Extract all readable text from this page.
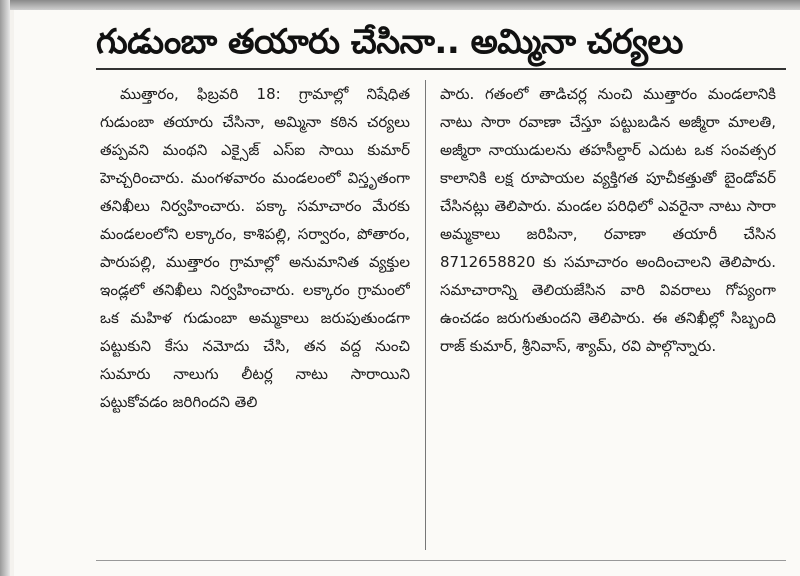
గుడుంబా తయారు చేసినా.. అమ్మినా చర్యలు

ముత్తారం, ఫిబ్రవరి 18: గ్రామాల్లో నిషేధిత గుడుంబా తయారు చేసినా, అమ్మినా కఠిన చర్యలు తప్పవని మంథని ఎక్సైజ్ ఎస్ఐ సాయి కుమార్ హెచ్చరించారు. మంగళవారం మండలంలో విస్తృతంగా తనిఖీలు నిర్వహించారు. పక్కా సమాచారం మేరకు మండలంలోని లక్కారం, కాశిపల్లి, సర్వారం, పోతారం, పారుపల్లి, ముత్తారం గ్రామాల్లో అనుమానిత వ్యక్తుల ఇండ్లలో తనిఖీలు నిర్వహించారు. లక్కారం గ్రామంలో ఒక మహిళ గుడుంబా అమ్మకాలు జరుపుతుండగా పట్టుకుని కేసు నమోదు చేసి, తన వద్ద నుంచి సుమారు నాలుగు లీటర్ల నాటు సారాయిని పట్టుకోవడం జరిగిందని తెలి

పారు. గతంలో తాడిచర్ల నుంచి ముత్తారం మండలానికి నాటు సారా రవాణా చేస్తూ పట్టుబడిన అజ్మీరా మాలతి, అజ్మీరా నాయుడులను తహసీల్దార్ ఎదుట ఒక సంవత్సర కాలానికి లక్ష రూపాయల వ్యక్తిగత పూచీకత్తుతో బైండోవర్ చేసినట్లు తెలిపారు. మండల పరిధిలో ఎవరైనా నాటు సారా అమ్మకాలు జరిపినా, రవాణా తయారీ చేసిన 8712658820 కు సమాచారం అందించాలని తెలిపారు. సమాచారాన్ని తెలియజేసిన వారి వివరాలు గోప్యంగా ఉంచడం జరుగుతుందని తెలిపారు. ఈ తనిఖీల్లో సిబ్బంది రాజ్ కుమార్, శ్రీనివాస్, శ్యామ్, రవి పాల్గొన్నారు.
